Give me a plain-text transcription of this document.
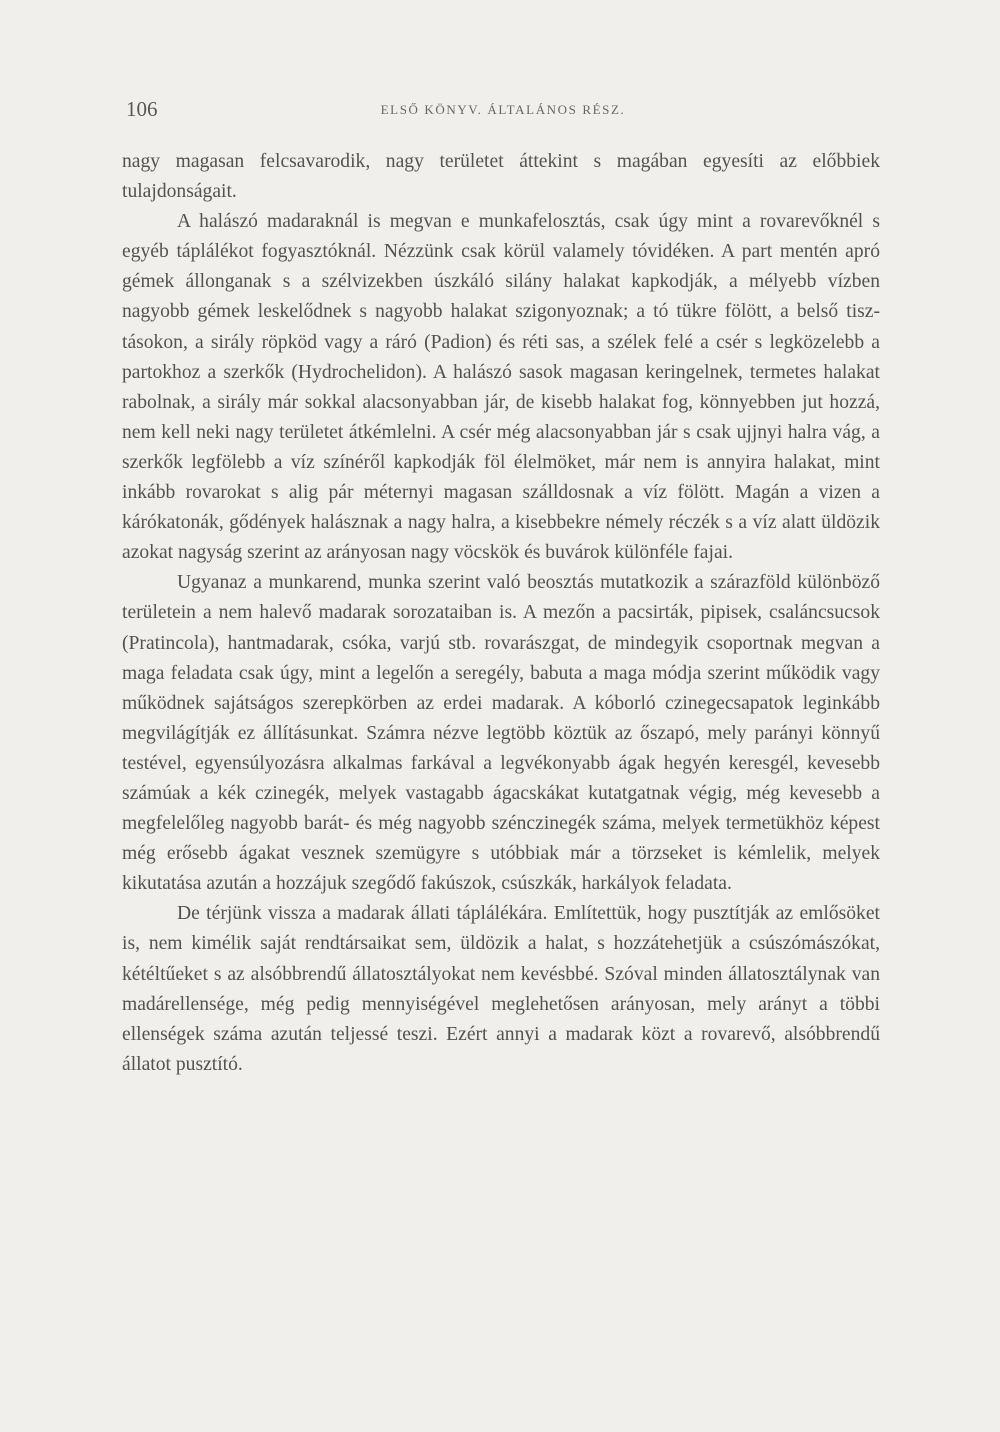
106	ELSŐ KÖNYV. ÁLTALÁNOS RÉSZ.

nagy magasan felcsavarodik, nagy területet áttekint s magában egyesíti az előbbiek tulajdonságait.

A halászó madaraknál is megvan e munkafelosztás, csak úgy mint a rovarevőknél s egyéb táplálékot fogyasztóknál. Nézzünk csak körül valamely tóvidéken. A part mentén apró gémek állonganak s a szélvizekben úszkáló silány halakat kapkodják, a mélyebb vízben nagyobb gémek leskelődnek s nagyobb halakat szigonyoznak; a tó tükre fölött, a belső tisztásokon, a sirály röpköd vagy a ráró (Padion) és réti sas, a szélek felé a csér s legközelebb a partokhoz a szerkők (Hydrochelidon). A halászó sasok magasan keringelnek, termetes halakat rabolnak, a sirály már sokkal alacsonyabban jár, de kisebb halakat fog, könnyebben jut hozzá, nem kell neki nagy területet átkémlelni. A csér még alacsonyabban jár s csak ujjnyi halra vág, a szerkők legfölebb a víz színéről kapkodják föl élelmöket, már nem is annyira halakat, mint inkább rovarokat s alig pár méternyi magasan szálldosnak a víz fölött. Magán a vizen a kárókatonák, gődények halásznak a nagy halra, a kisebbekre némely réczék s a víz alatt üldözik azokat nagyság szerint az arányosan nagy vöcskök és buvárok különféle fajai.

Ugyanaz a munkarend, munka szerint való beosztás mutatkozik a szárazföld különböző területein a nem halevő madarak sorozataiban is. A mezőn a pacsirták, pipisek, csaláncsucsok (Pratincola), hantmadarak, csóka, varjú stb. rovarászgat, de mindegyik csoportnak megvan a maga feladata csak úgy, mint a legelőn a seregély, babuta a maga módja szerint működik vagy működnek sajátságos szerepkörben az erdei madarak. A kóborló czinegecsapatok leginkább megvilágítják ez állításunkat. Számra nézve legtöbb köztük az őszapó, mely parányi könnyű testével, egyensúlyozásra alkalmas farkával a legvékonyabb ágak hegyén keresgél, kevesebb számúak a kék czinegék, melyek vastagabb ágacskákat kutatgatnak végig, még kevesebb a megfelelőleg nagyobb barát- és még nagyobb szénczinegék száma, melyek termetükhöz képest még erősebb ágakat vesznek szemügyre s utóbbiak már a törzseket is kémlelik, melyek kikutatása azután a hozzájuk szegődő fakúszok, csúszkák, harkályok feladata.

De térjünk vissza a madarak állati táplálékára. Említettük, hogy pusztítják az emlősöket is, nem kimélik saját rendtársaikat sem, üldözik a halat, s hozzátehetjük a csúszómászókat, kétéltűeket s az alsóbbrendű állatosztályokat nem kevésbbé. Szóval minden állatosztálynak van madárellensége, még pedig mennyiségével meglehetősen arányosan, mely arányt a többi ellenségek száma azután teljessé teszi. Ezért annyi a madarak közt a rovarevő, alsóbbrendű állatot pusztító.
